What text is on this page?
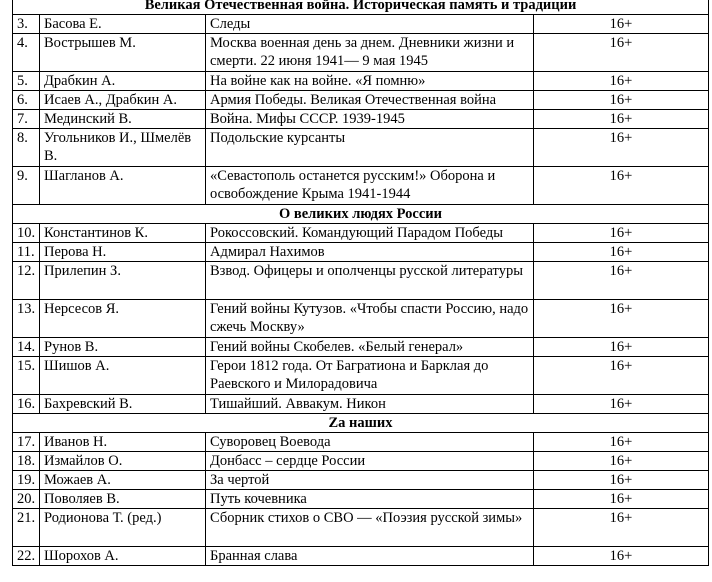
Великая Отечественная война. Историческая память и традиции			
3.	Басова Е.	Следы	16+
4.	Вострышев М.	Москва военная день за днем. Дневники жизни и смерти. 22 июня 1941— 9 мая 1945	16+
5.	Драбкин А.	На войне как на войне. «Я помню»	16+
6.	Исаев А., Драбкин А.	Армия Победы. Великая Отечественная война	16+
7.	Мединский В.	Война. Мифы СССР. 1939-1945	16+
8.	Угольников И., Шмелёв В.	Подольские курсанты	16+
9.	Шагланов А.	«Севастополь останется русским!» Оборона и освобождение Крыма 1941-1944	16+
О великих людях России			
10.	Константинов К.	Рокоссовский. Командующий Парадом Победы	16+
11.	Перова Н.	Адмирал Нахимов	16+
12.	Прилепин З.	Взвод. Офицеры и ополченцы русской литературы	16+
13.	Нерсесов Я.	Гений войны Кутузов. «Чтобы спасти Россию, надо сжечь Москву»	16+
14.	Рунов В.	Гений войны Скобелев. «Белый генерал»	16+
15.	Шишов А.	Герои 1812 года. От Багратиона и Барклая до Раевского и Милорадовича	16+
16.	Бахревский В.	Тишайший. Аввакум. Никон	16+
Zа наших			
17.	Иванов Н.	Суворовец Воевода	16+
18.	Измайлов О.	Донбасс – сердце России	16+
19.	Можаев А.	За чертой	16+
20.	Поволяев В.	Путь кочевника	16+
21.	Родионова Т. (ред.)	Сборник стихов о СВО — «Поэзия русской зимы»	16+
22.	Шорохов А.	Бранная слава	16+
